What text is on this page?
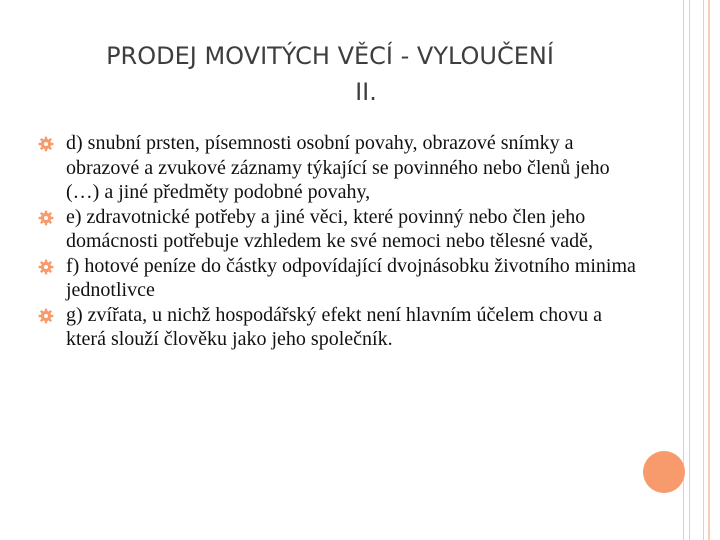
PRODEJ MOVITÝCH VĚCÍ - VYLOUČENÍ
II.
d) snubní prsten, písemnosti osobní povahy, obrazové snímky a obrazové a zvukové záznamy týkající se povinného nebo členů jeho (…) a jiné předměty podobné povahy,
e) zdravotnické potřeby a jiné věci, které povinný nebo člen jeho domácnosti potřebuje vzhledem ke své nemoci nebo tělesné vadě,
f) hotové peníze do částky odpovídající dvojnásobku životního minima jednotlivce
g) zvířata, u nichž hospodářský efekt není hlavním účelem chovu a která slouží člověku jako jeho společník.
